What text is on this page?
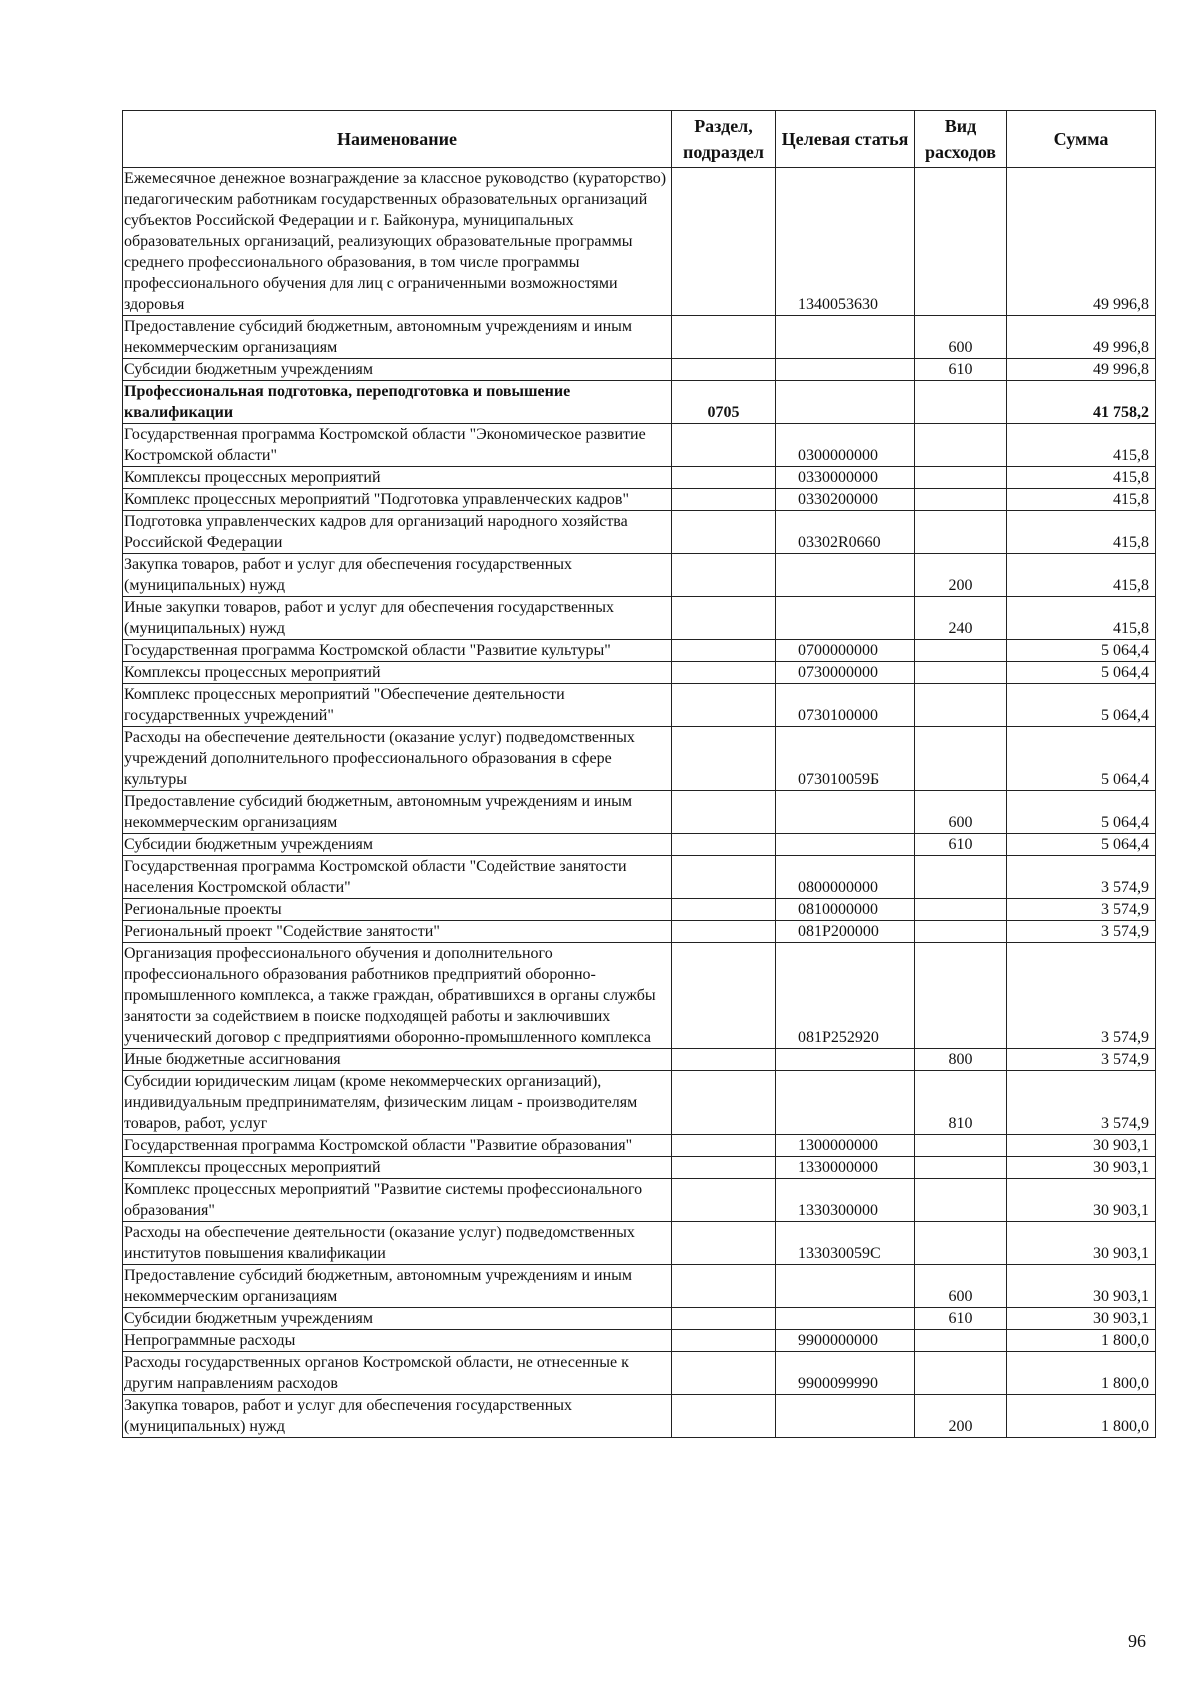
Наименование	Раздел, подраздел	Целевая статья	Вид расходов	Сумма
Ежемесячное денежное вознаграждение за классное руководство (кураторство) педагогическим работникам государственных образовательных организаций субъектов Российской Федерации и г. Байконура, муниципальных образовательных организаций, реализующих образовательные программы среднего профессионального образования, в том числе программы профессионального обучения для лиц с ограниченными возможностями здоровья		1340053630		49 996,8
Предоставление субсидий бюджетным, автономным учреждениям и иным некоммерческим организациям			600	49 996,8
Субсидии бюджетным учреждениям			610	49 996,8
Профессиональная подготовка, переподготовка и повышение квалификации	0705			41 758,2
Государственная программа Костромской области "Экономическое развитие Костромской области"		0300000000		415,8
Комплексы процессных мероприятий		0330000000		415,8
Комплекс процессных мероприятий "Подготовка управленческих кадров"		0330200000		415,8
Подготовка управленческих кадров для организаций народного хозяйства Российской Федерации		03302R0660		415,8
Закупка товаров, работ и услуг для обеспечения государственных (муниципальных) нужд			200	415,8
Иные закупки товаров, работ и услуг для обеспечения государственных (муниципальных) нужд			240	415,8
Государственная программа Костромской области "Развитие культуры"		0700000000		5 064,4
Комплексы процессных мероприятий		0730000000		5 064,4
Комплекс процессных мероприятий "Обеспечение деятельности государственных учреждений"		0730100000		5 064,4
Расходы на обеспечение деятельности (оказание услуг) подведомственных учреждений дополнительного профессионального образования в сфере культуры		073010059Б		5 064,4
Предоставление субсидий бюджетным, автономным учреждениям и иным некоммерческим организациям			600	5 064,4
Субсидии бюджетным учреждениям			610	5 064,4
Государственная программа Костромской области "Содействие занятости населения Костромской области"		0800000000		3 574,9
Региональные проекты		0810000000		3 574,9
Региональный проект "Содействие занятости"		081Р200000		3 574,9
Организация профессионального обучения и дополнительного профессионального образования работников предприятий оборонно-промышленного комплекса, а также граждан, обратившихся в органы службы занятости за содействием в поиске подходящей работы и заключивших ученический договор с предприятиями оборонно-промышленного комплекса		081Р252920		3 574,9
Иные бюджетные ассигнования			800	3 574,9
Субсидии юридическим лицам (кроме некоммерческих организаций), индивидуальным предпринимателям, физическим лицам - производителям товаров, работ, услуг			810	3 574,9
Государственная программа Костромской области "Развитие образования"		1300000000		30 903,1
Комплексы процессных мероприятий		1330000000		30 903,1
Комплекс процессных мероприятий "Развитие системы профессионального образования"		1330300000		30 903,1
Расходы на обеспечение деятельности (оказание услуг) подведомственных институтов повышения квалификации		133030059С		30 903,1
Предоставление субсидий бюджетным, автономным учреждениям и иным некоммерческим организациям			600	30 903,1
Субсидии бюджетным учреждениям			610	30 903,1
Непрограммные расходы		9900000000		1 800,0
Расходы государственных органов Костромской области, не отнесенные к другим направлениям расходов		9900099990		1 800,0
Закупка товаров, работ и услуг для обеспечения государственных (муниципальных) нужд			200	1 800,0
96
